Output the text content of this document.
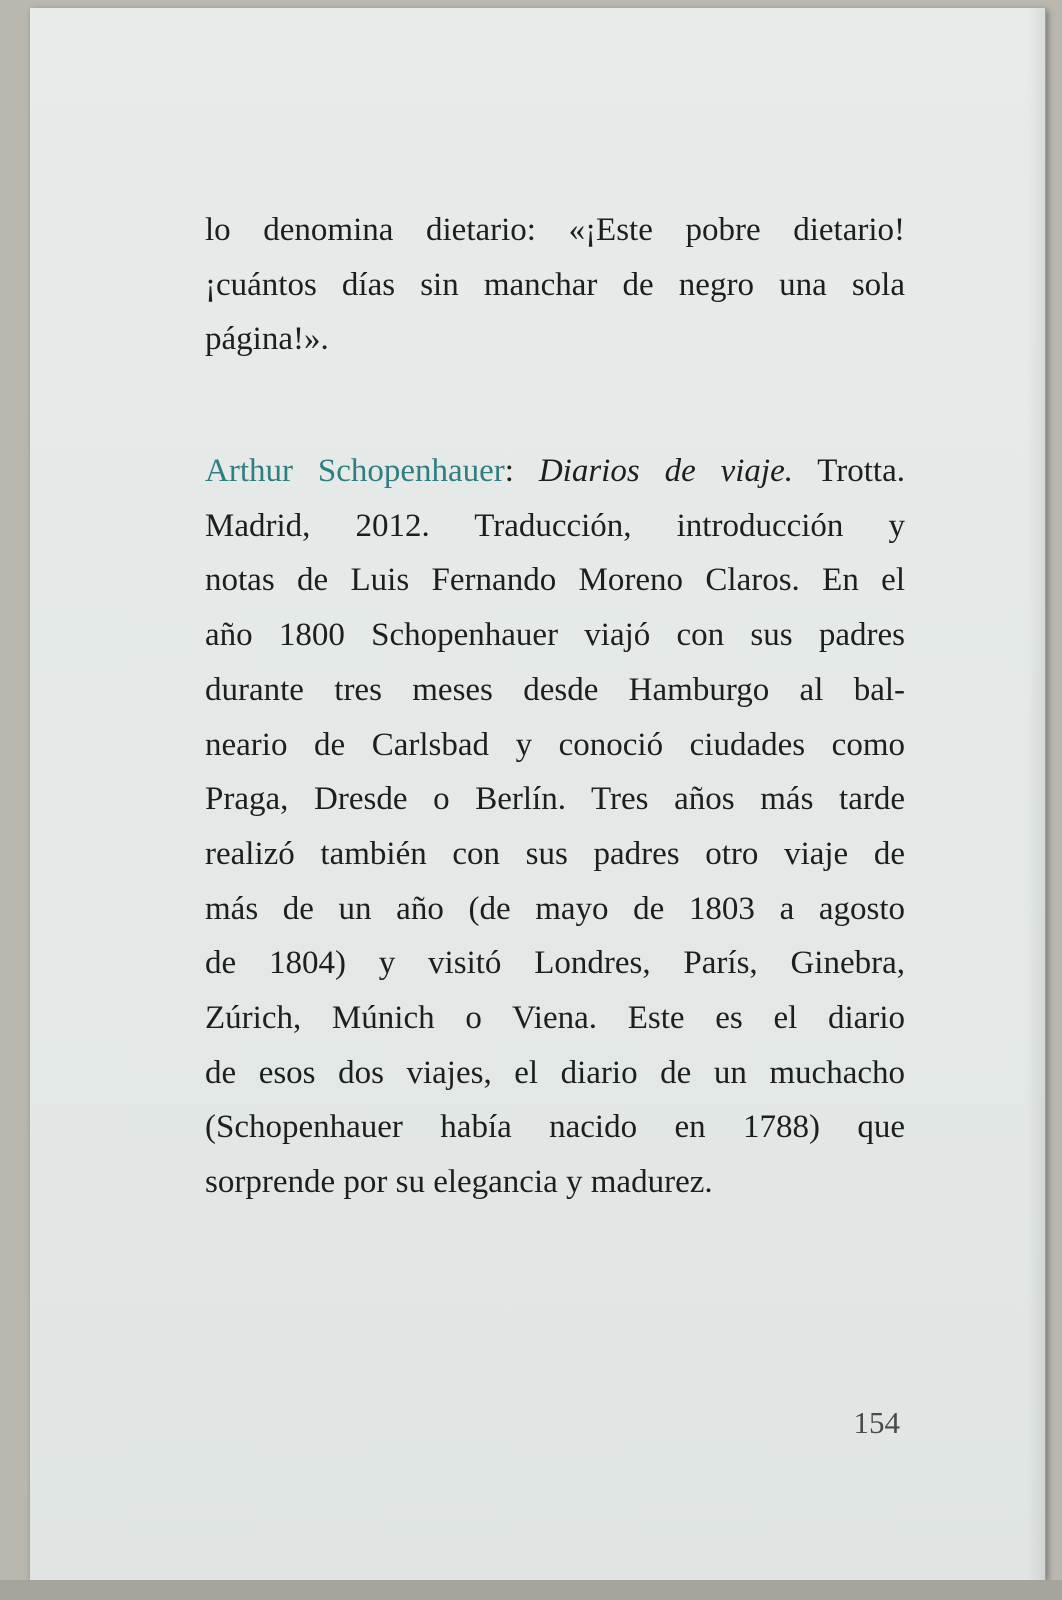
lo denomina dietario: «¡Este pobre dietario!
¡cuántos días sin manchar de negro una sola
página!».

Arthur Schopenhauer: Diarios de viaje. Trotta.
Madrid, 2012. Traducción, introducción y
notas de Luis Fernando Moreno Claros. En el
año 1800 Schopenhauer viajó con sus padres
durante tres meses desde Hamburgo al bal-
neario de Carlsbad y conoció ciudades como
Praga, Dresde o Berlín. Tres años más tarde
realizó también con sus padres otro viaje de
más de un año (de mayo de 1803 a agosto
de 1804) y visitó Londres, París, Ginebra,
Zúrich, Múnich o Viena. Este es el diario
de esos dos viajes, el diario de un muchacho
(Schopenhauer había nacido en 1788) que
sorprende por su elegancia y madurez.

154
